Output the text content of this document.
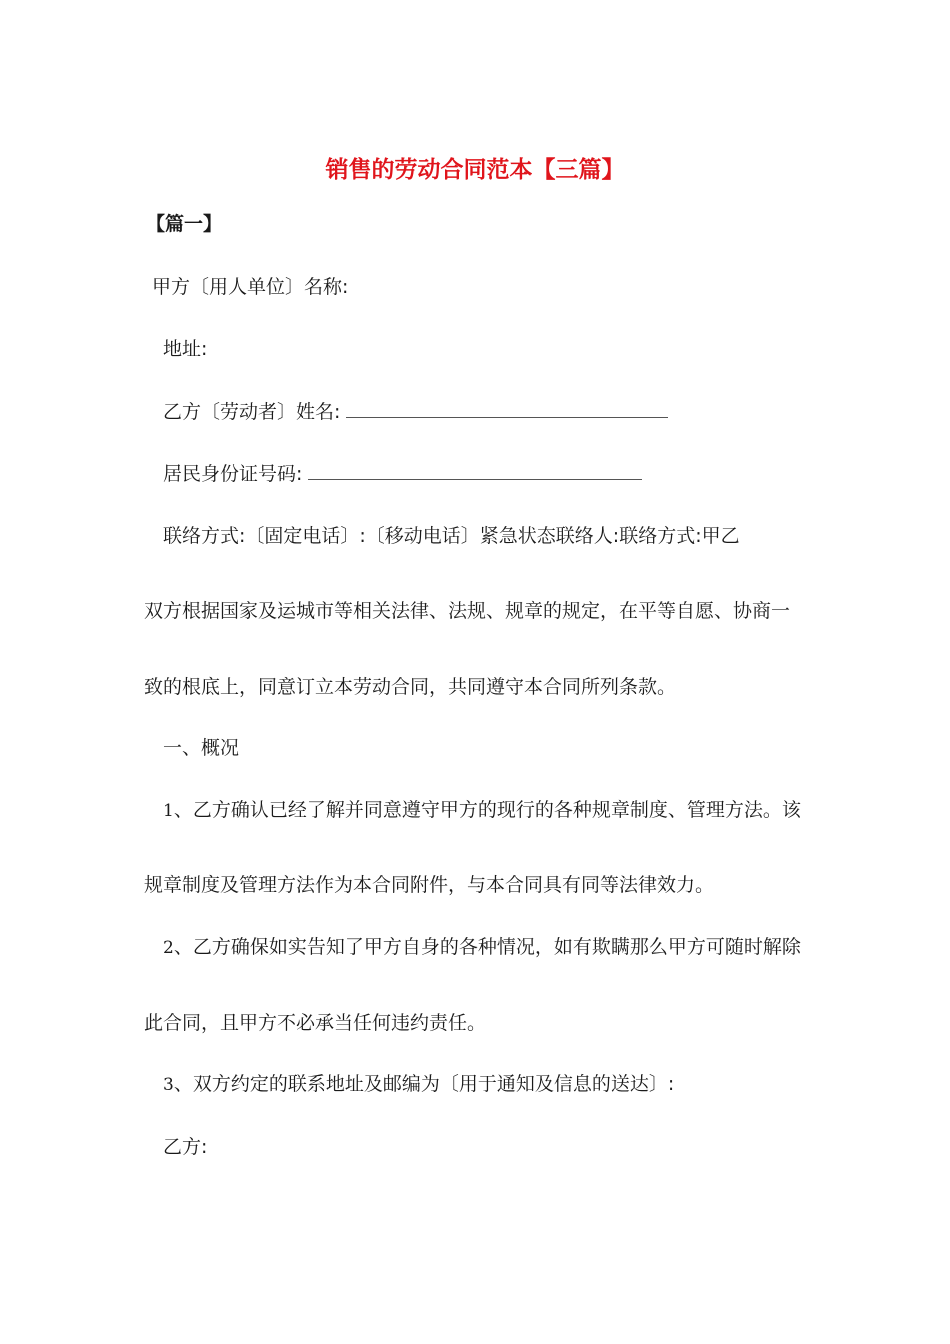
销售的劳动合同范本【三篇】
【篇一】
甲方〔用人单位〕名称:
地址:
乙方〔劳动者〕姓名:
居民身份证号码:
联络方式:〔固定电话〕:〔移动电话〕紧急状态联络人:联络方式:甲乙
双方根据国家及运城市等相关法律、法规、规章的规定，在平等自愿、协商一
致的根底上，同意订立本劳动合同，共同遵守本合同所列条款。
一、概况
1、乙方确认已经了解并同意遵守甲方的现行的各种规章制度、管理方法。该
规章制度及管理方法作为本合同附件，与本合同具有同等法律效力。
2、乙方确保如实告知了甲方自身的各种情况，如有欺瞒那么甲方可随时解除
此合同，且甲方不必承当任何违约责任。
3、双方约定的联系地址及邮编为〔用于通知及信息的送达〕:
乙方:
